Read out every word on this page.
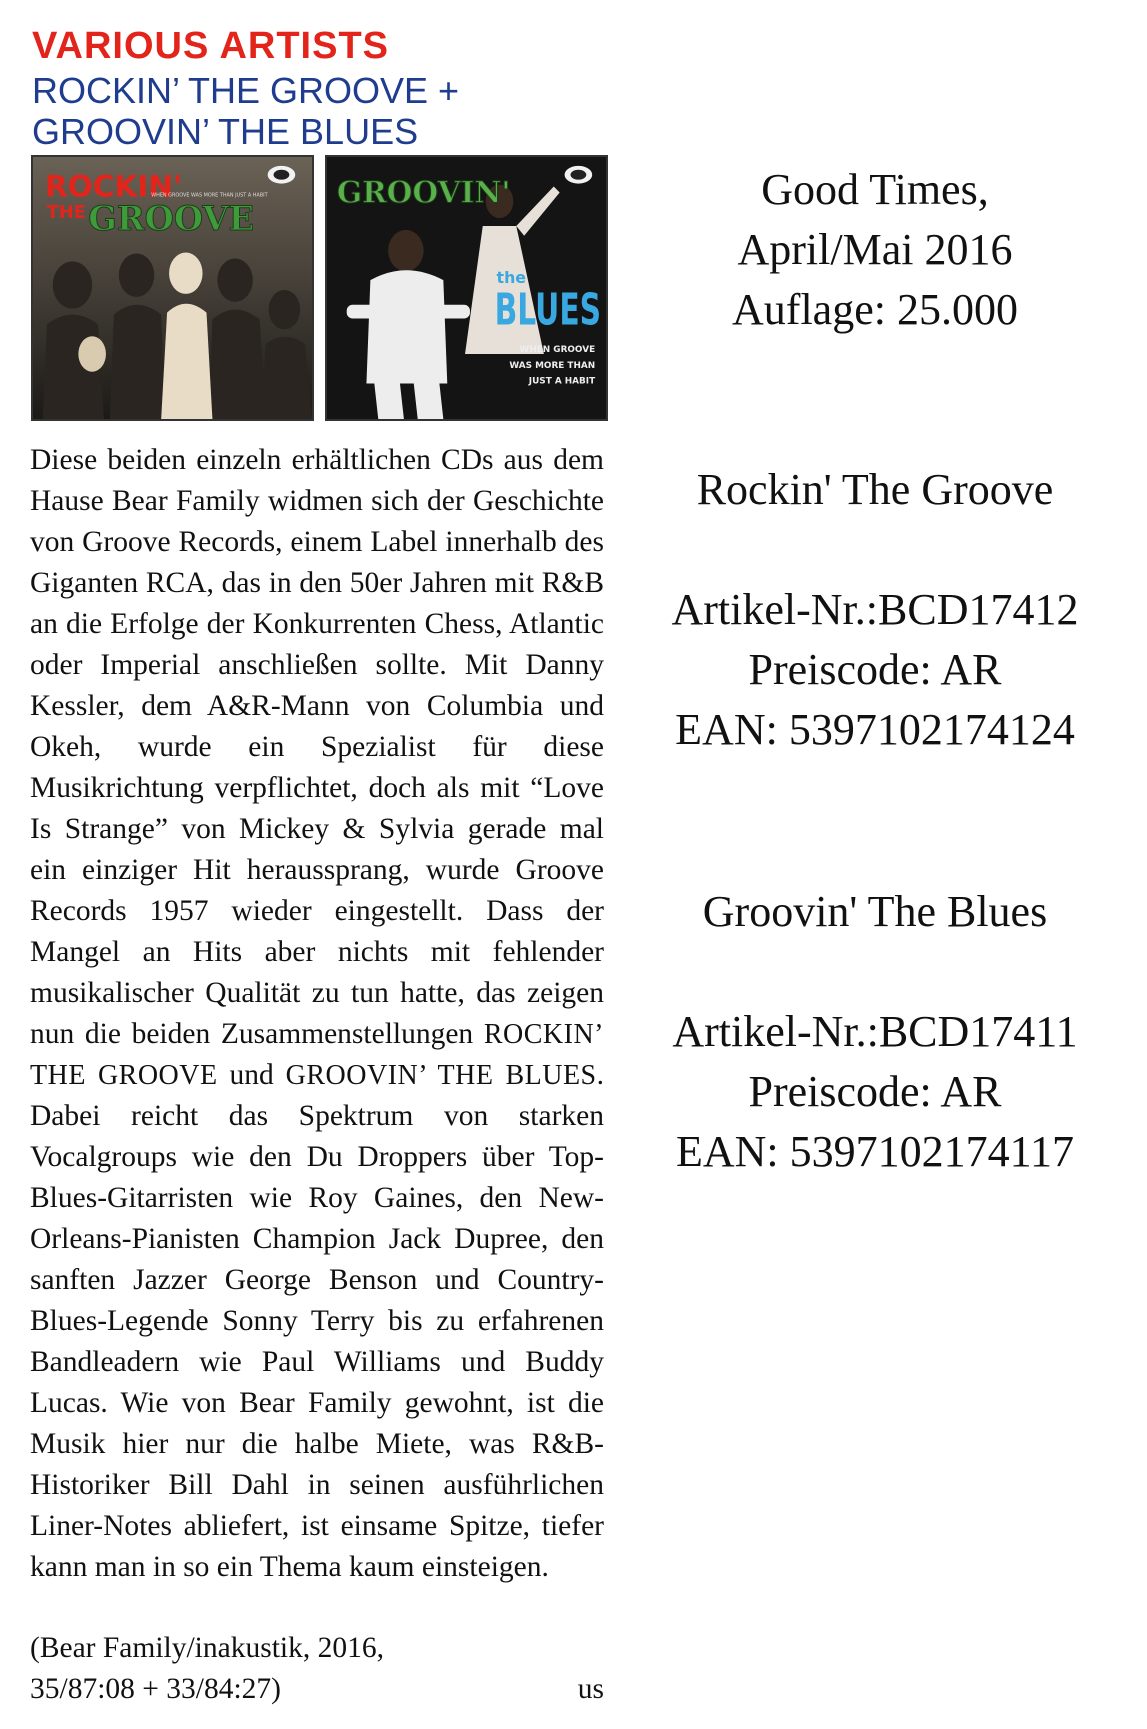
VARIOUS ARTISTS
ROCKIN’ THE GROOVE +
GROOVIN’ THE BLUES
ROCKIN'
THE GROOVE
WHEN GROOVE WAS MORE THAN JUST A HABIT GROOVIN'
the
BLUES
WHEN GROOVE
WAS MORE THAN
JUST A HABIT

Diese beiden einzeln erhältlichen CDs aus dem Hause Bear Family widmen sich der Geschichte von Groove Records, einem Label innerhalb des Giganten RCA, das in den 50er Jahren mit R&B an die Erfolge der Konkurrenten Chess, Atlantic oder Imperial anschließen sollte. Mit Danny Kessler, dem A&R-Mann von Columbia und Okeh, wurde ein Spezialist für diese Musikrichtung verpflichtet, doch als mit “Love Is Strange” von Mickey & Sylvia gerade mal ein einziger Hit heraussprang, wurde Groove Records 1957 wieder eingestellt. Dass der Mangel an Hits aber nichts mit fehlender musikalischer Qualität zu tun hatte, das zeigen nun die beiden Zusammenstellungen ROCKIN’ THE GROOVE und GROOVIN’ THE BLUES. Dabei reicht das Spektrum von starken Vocalgroups wie den Du Droppers über Top-Blues-Gitarristen wie Roy Gaines, den New-Orleans-Pianisten Champion Jack Dupree, den sanften Jazzer George Benson und Country-Blues-Legende Sonny Terry bis zu erfahrenen Bandleadern wie Paul Williams und Buddy Lucas. Wie von Bear Family gewohnt, ist die Musik hier nur die halbe Miete, was R&B-Historiker Bill Dahl in seinen ausführlichen Liner-Notes abliefert, ist einsame Spitze, tiefer kann man in so ein Thema kaum einsteigen.

(Bear Family/inakustik, 2016,
35/87:08 + 33/84:27)	us
Good Times,
April/Mai 2016
Auflage: 25.000
Rockin' The Groove
Artikel-Nr.:BCD17412
Preiscode: AR
EAN: 5397102174124
Groovin' The Blues
Artikel-Nr.:BCD17411
Preiscode: AR
EAN: 5397102174117
